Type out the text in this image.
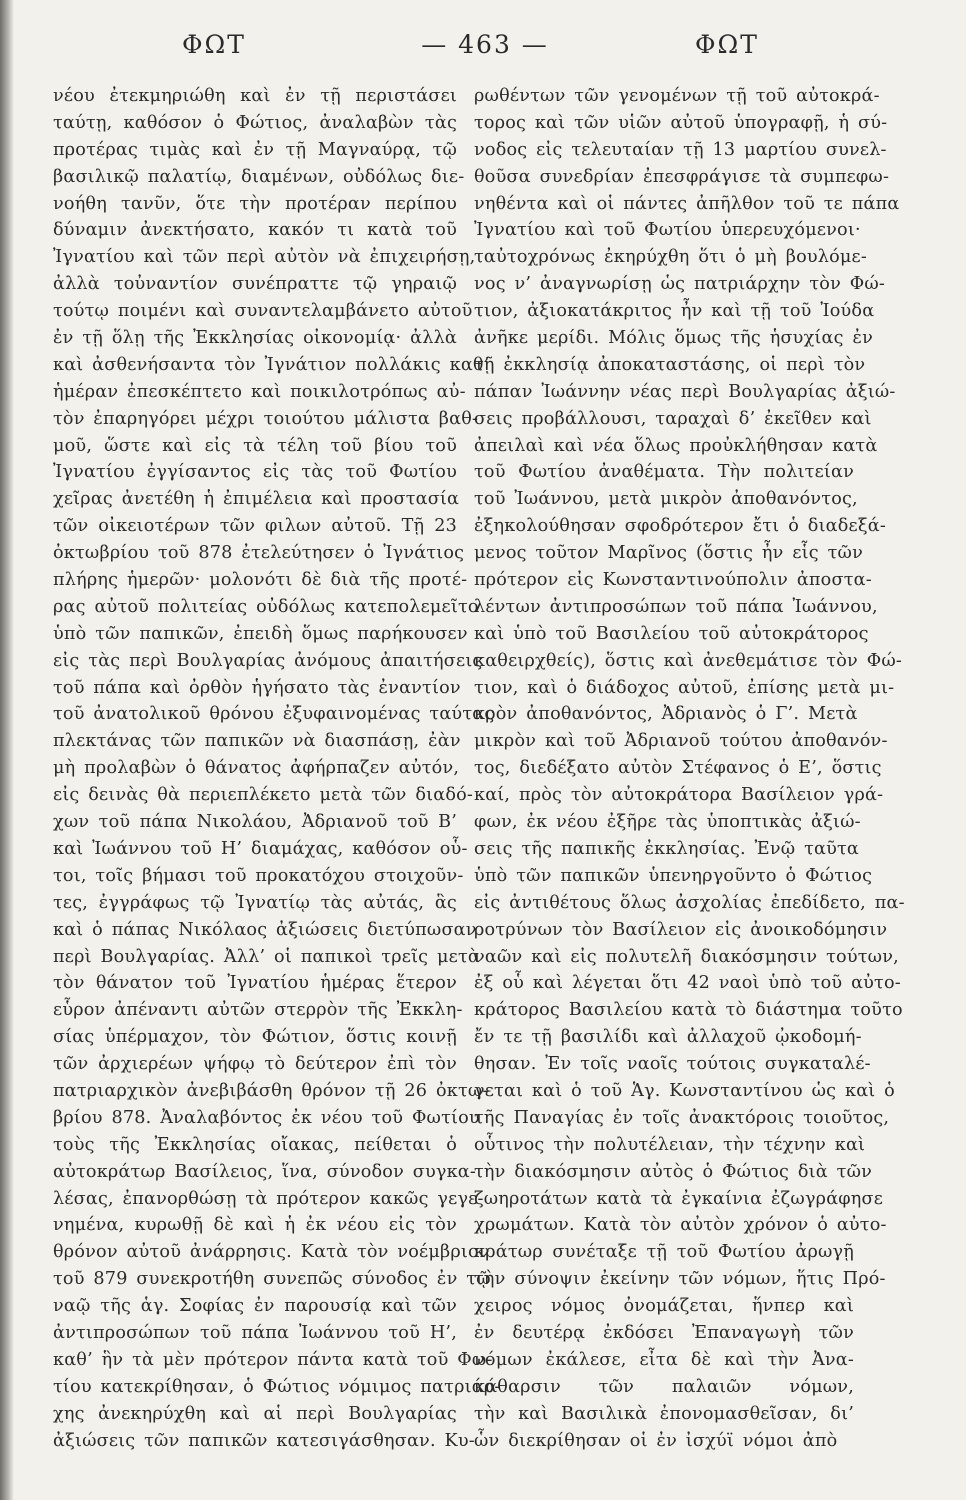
ΦΩΤ	— 463 —	ΦΩΤ
νέου ἐτεκμηριώθη καὶ ἐν τῇ περιστάσει
ταύτῃ, καθόσον ὁ Φώτιος, ἀναλαβὼν τὰς
προτέρας τιμὰς καὶ ἐν τῇ Μαγναύρᾳ, τῷ
βασιλικῷ παλατίῳ, διαμένων, οὐδόλως διε-
νοήθη τανῦν, ὅτε τὴν προτέραν περίπου
δύναμιν ἀνεκτήσατο, κακόν τι κατὰ τοῦ
Ἰγνατίου καὶ τῶν περὶ αὐτὸν νὰ ἐπιχειρήσῃ,
ἀλλὰ τοὐναντίον συνέπραττε τῷ γηραιῷ
τούτῳ ποιμένι καὶ συναντελαμβάνετο αὐτοῦ
ἐν τῇ ὅλῃ τῆς Ἐκκλησίας οἰκονομίᾳ· ἀλλὰ
καὶ ἀσθενήσαντα τὸν Ἰγνάτιον πολλάκις καθ’
ἡμέραν ἐπεσκέπτετο καὶ ποικιλοτρόπως αὐ-
τὸν ἐπαρηγόρει μέχρι τοιούτου μάλιστα βαθ-
μοῦ, ὥστε καὶ εἰς τὰ τέλη τοῦ βίου τοῦ
Ἰγνατίου ἐγγίσαντος εἰς τὰς τοῦ Φωτίου
χεῖρας ἀνετέθη ἡ ἐπιμέλεια καὶ προστασία
τῶν οἰκειοτέρων τῶν φιλων αὐτοῦ. Τῇ 23
ὀκτωβρίου τοῦ 878 ἐτελεύτησεν ὁ Ἰγνάτιος
πλήρης ἡμερῶν· μολονότι δὲ διὰ τῆς προτέ-
ρας αὐτοῦ πολιτείας οὐδόλως κατεπολεμεῖτο
ὑπὸ τῶν παπικῶν, ἐπειδὴ ὅμως παρήκουσεν
εἰς τὰς περὶ Βουλγαρίας ἀνόμους ἀπαιτήσεις
τοῦ πάπα καὶ ὀρθὸν ἡγήσατο τὰς ἐναντίον
τοῦ ἀνατολικοῦ θρόνου ἐξυφαινομένας ταύτας
πλεκτάνας τῶν παπικῶν νὰ διασπάσῃ, ἐὰν
μὴ προλαβὼν ὁ θάνατος ἀφήρπαζεν αὐτόν,
εἰς δεινὰς θὰ περιεπλέκετο μετὰ τῶν διαδό-
χων τοῦ πάπα Νικολάου, Ἀδριανοῦ τοῦ Β’
καὶ Ἰωάννου τοῦ Η’ διαμάχας, καθόσον οὗ-
τοι, τοῖς βήμασι τοῦ προκατόχου στοιχοῦν-
τες, ἐγγράφως τῷ Ἰγνατίῳ τὰς αὐτάς, ἃς
καὶ ὁ πάπας Νικόλαος ἀξιώσεις διετύπωσαν
περὶ Βουλγαρίας. Ἀλλ’ οἱ παπικοὶ τρεῖς μετὰ
τὸν θάνατον τοῦ Ἰγνατίου ἡμέρας ἕτερον
εὗρον ἀπέναντι αὐτῶν στερρὸν τῆς Ἐκκλη-
σίας ὑπέρμαχον, τὸν Φώτιον, ὅστις κοινῇ
τῶν ἀρχιερέων ψήφῳ τὸ δεύτερον ἐπὶ τὸν
πατριαρχικὸν ἀνεβιβάσθη θρόνον τῇ 26 ὀκτω-
βρίου 878. Ἀναλαβόντος ἐκ νέου τοῦ Φωτίου
τοὺς τῆς Ἐκκλησίας οἴακας, πείθεται ὁ
αὐτοκράτωρ Βασίλειος, ἵνα, σύνοδον συγκα-
λέσας, ἐπανορθώσῃ τὰ πρότερον κακῶς γεγε-
νημένα, κυρωθῇ δὲ καὶ ἡ ἐκ νέου εἰς τὸν
θρόνον αὐτοῦ ἀνάρρησις. Κατὰ τὸν νοέμβριον
τοῦ 879 συνεκροτήθη συνεπῶς σύνοδος ἐν τῷ
ναῷ τῆς ἁγ. Σοφίας ἐν παρουσίᾳ καὶ τῶν
ἀντιπροσώπων τοῦ πάπα Ἰωάννου τοῦ Η’,
καθ’ ἣν τὰ μὲν πρότερον πάντα κατὰ τοῦ Φω-
τίου κατεκρίθησαν, ὁ Φώτιος νόμιμος πατριάρ-
χης ἀνεκηρύχθη καὶ αἱ περὶ Βουλγαρίας
ἀξιώσεις τῶν παπικῶν κατεσιγάσθησαν. Κυ-
ρωθέντων τῶν γενομένων τῇ τοῦ αὐτοκρά-
τορος καὶ τῶν υἱῶν αὐτοῦ ὑπογραφῇ, ἡ σύ-
νοδος εἰς τελευταίαν τῇ 13 μαρτίου συνελ-
θοῦσα συνεδρίαν ἐπεσφράγισε τὰ συμπεφω-
νηθέντα καὶ οἱ πάντες ἀπῆλθον τοῦ τε πάπα
Ἰγνατίου καὶ τοῦ Φωτίου ὑπερευχόμενοι·
ταὐτοχρόνως ἐκηρύχθη ὅτι ὁ μὴ βουλόμε-
νος ν’ ἀναγνωρίσῃ ὡς πατριάρχην τὸν Φώ-
τιον, ἀξιοκατάκριτος ἦν καὶ τῇ τοῦ Ἰούδα
ἀνῆκε μερίδι. Μόλις ὅμως τῆς ἡσυχίας ἐν
τῇ ἐκκλησίᾳ ἀποκαταστάσης, οἱ περὶ τὸν
πάπαν Ἰωάννην νέας περὶ Βουλγαρίας ἀξιώ-
σεις προβάλλουσι, ταραχαὶ δ’ ἐκεῖθεν καὶ
ἀπειλαὶ καὶ νέα ὅλως προὐκλήθησαν κατὰ
τοῦ Φωτίου ἀναθέματα. Τὴν πολιτείαν
τοῦ Ἰωάννου, μετὰ μικρὸν ἀποθανόντος,
ἐξηκολούθησαν σφοδρότερον ἔτι ὁ διαδεξά-
μενος τοῦτον Μαρῖνος (ὅστις ἦν εἷς τῶν
πρότερον εἰς Κωνσταντινούπολιν ἀποστα-
λέντων ἀντιπροσώπων τοῦ πάπα Ἰωάννου,
καὶ ὑπὸ τοῦ Βασιλείου τοῦ αὐτοκράτορος
καθειρχθείς), ὅστις καὶ ἀνεθεμάτισε τὸν Φώ-
τιον, καὶ ὁ διάδοχος αὐτοῦ, ἐπίσης μετὰ μι-
κρὸν ἀποθανόντος, Ἀδριανὸς ὁ Γ’. Μετὰ
μικρὸν καὶ τοῦ Ἀδριανοῦ τούτου ἀποθανόν-
τος, διεδέξατο αὐτὸν Στέφανος ὁ Ε’, ὅστις
καί, πρὸς τὸν αὐτοκράτορα Βασίλειον γρά-
φων, ἐκ νέου ἐξῆρε τὰς ὑποπτικὰς ἀξιώ-
σεις τῆς παπικῆς ἐκκλησίας. Ἐνῷ ταῦτα
ὑπὸ τῶν παπικῶν ὑπενηργοῦντο ὁ Φώτιος
εἰς ἀντιθέτους ὅλως ἀσχολίας ἐπεδίδετο, πα-
ροτρύνων τὸν Βασίλειον εἰς ἀνοικοδόμησιν
ναῶν καὶ εἰς πολυτελῆ διακόσμησιν τούτων,
ἐξ οὗ καὶ λέγεται ὅτι 42 ναοὶ ὑπὸ τοῦ αὐτο-
κράτορος Βασιλείου κατὰ τὸ διάστημα τοῦτο
ἔν τε τῇ βασιλίδι καὶ ἀλλαχοῦ ᾠκοδομή-
θησαν. Ἐν τοῖς ναοῖς τούτοις συγκαταλέ-
γεται καὶ ὁ τοῦ Ἁγ. Κωνσταντίνου ὡς καὶ ὁ
τῆς Παναγίας ἐν τοῖς ἀνακτόροις τοιοῦτος,
οὗτινος τὴν πολυτέλειαν, τὴν τέχνην καὶ
τὴν διακόσμησιν αὐτὸς ὁ Φώτιος διὰ τῶν
ζωηροτάτων κατὰ τὰ ἐγκαίνια ἐζωγράφησε
χρωμάτων. Κατὰ τὸν αὐτὸν χρόνον ὁ αὐτο-
κράτωρ συνέταξε τῇ τοῦ Φωτίου ἀρωγῇ
τὴν σύνοψιν ἐκείνην τῶν νόμων, ἥτις Πρό-
χειρος νόμος ὀνομάζεται, ἥνπερ καὶ
ἐν δευτέρᾳ ἐκδόσει Ἐπαναγωγὴ τῶν
νόμων ἐκάλεσε, εἶτα δὲ καὶ τὴν Ἀνα-
κάθαρσιν τῶν παλαιῶν νόμων,
τὴν καὶ Βασιλικὰ ἐπονομασθεῖσαν, δι’
ὧν διεκρίθησαν οἱ ἐν ἰσχύϊ νόμοι ἀπὸ
